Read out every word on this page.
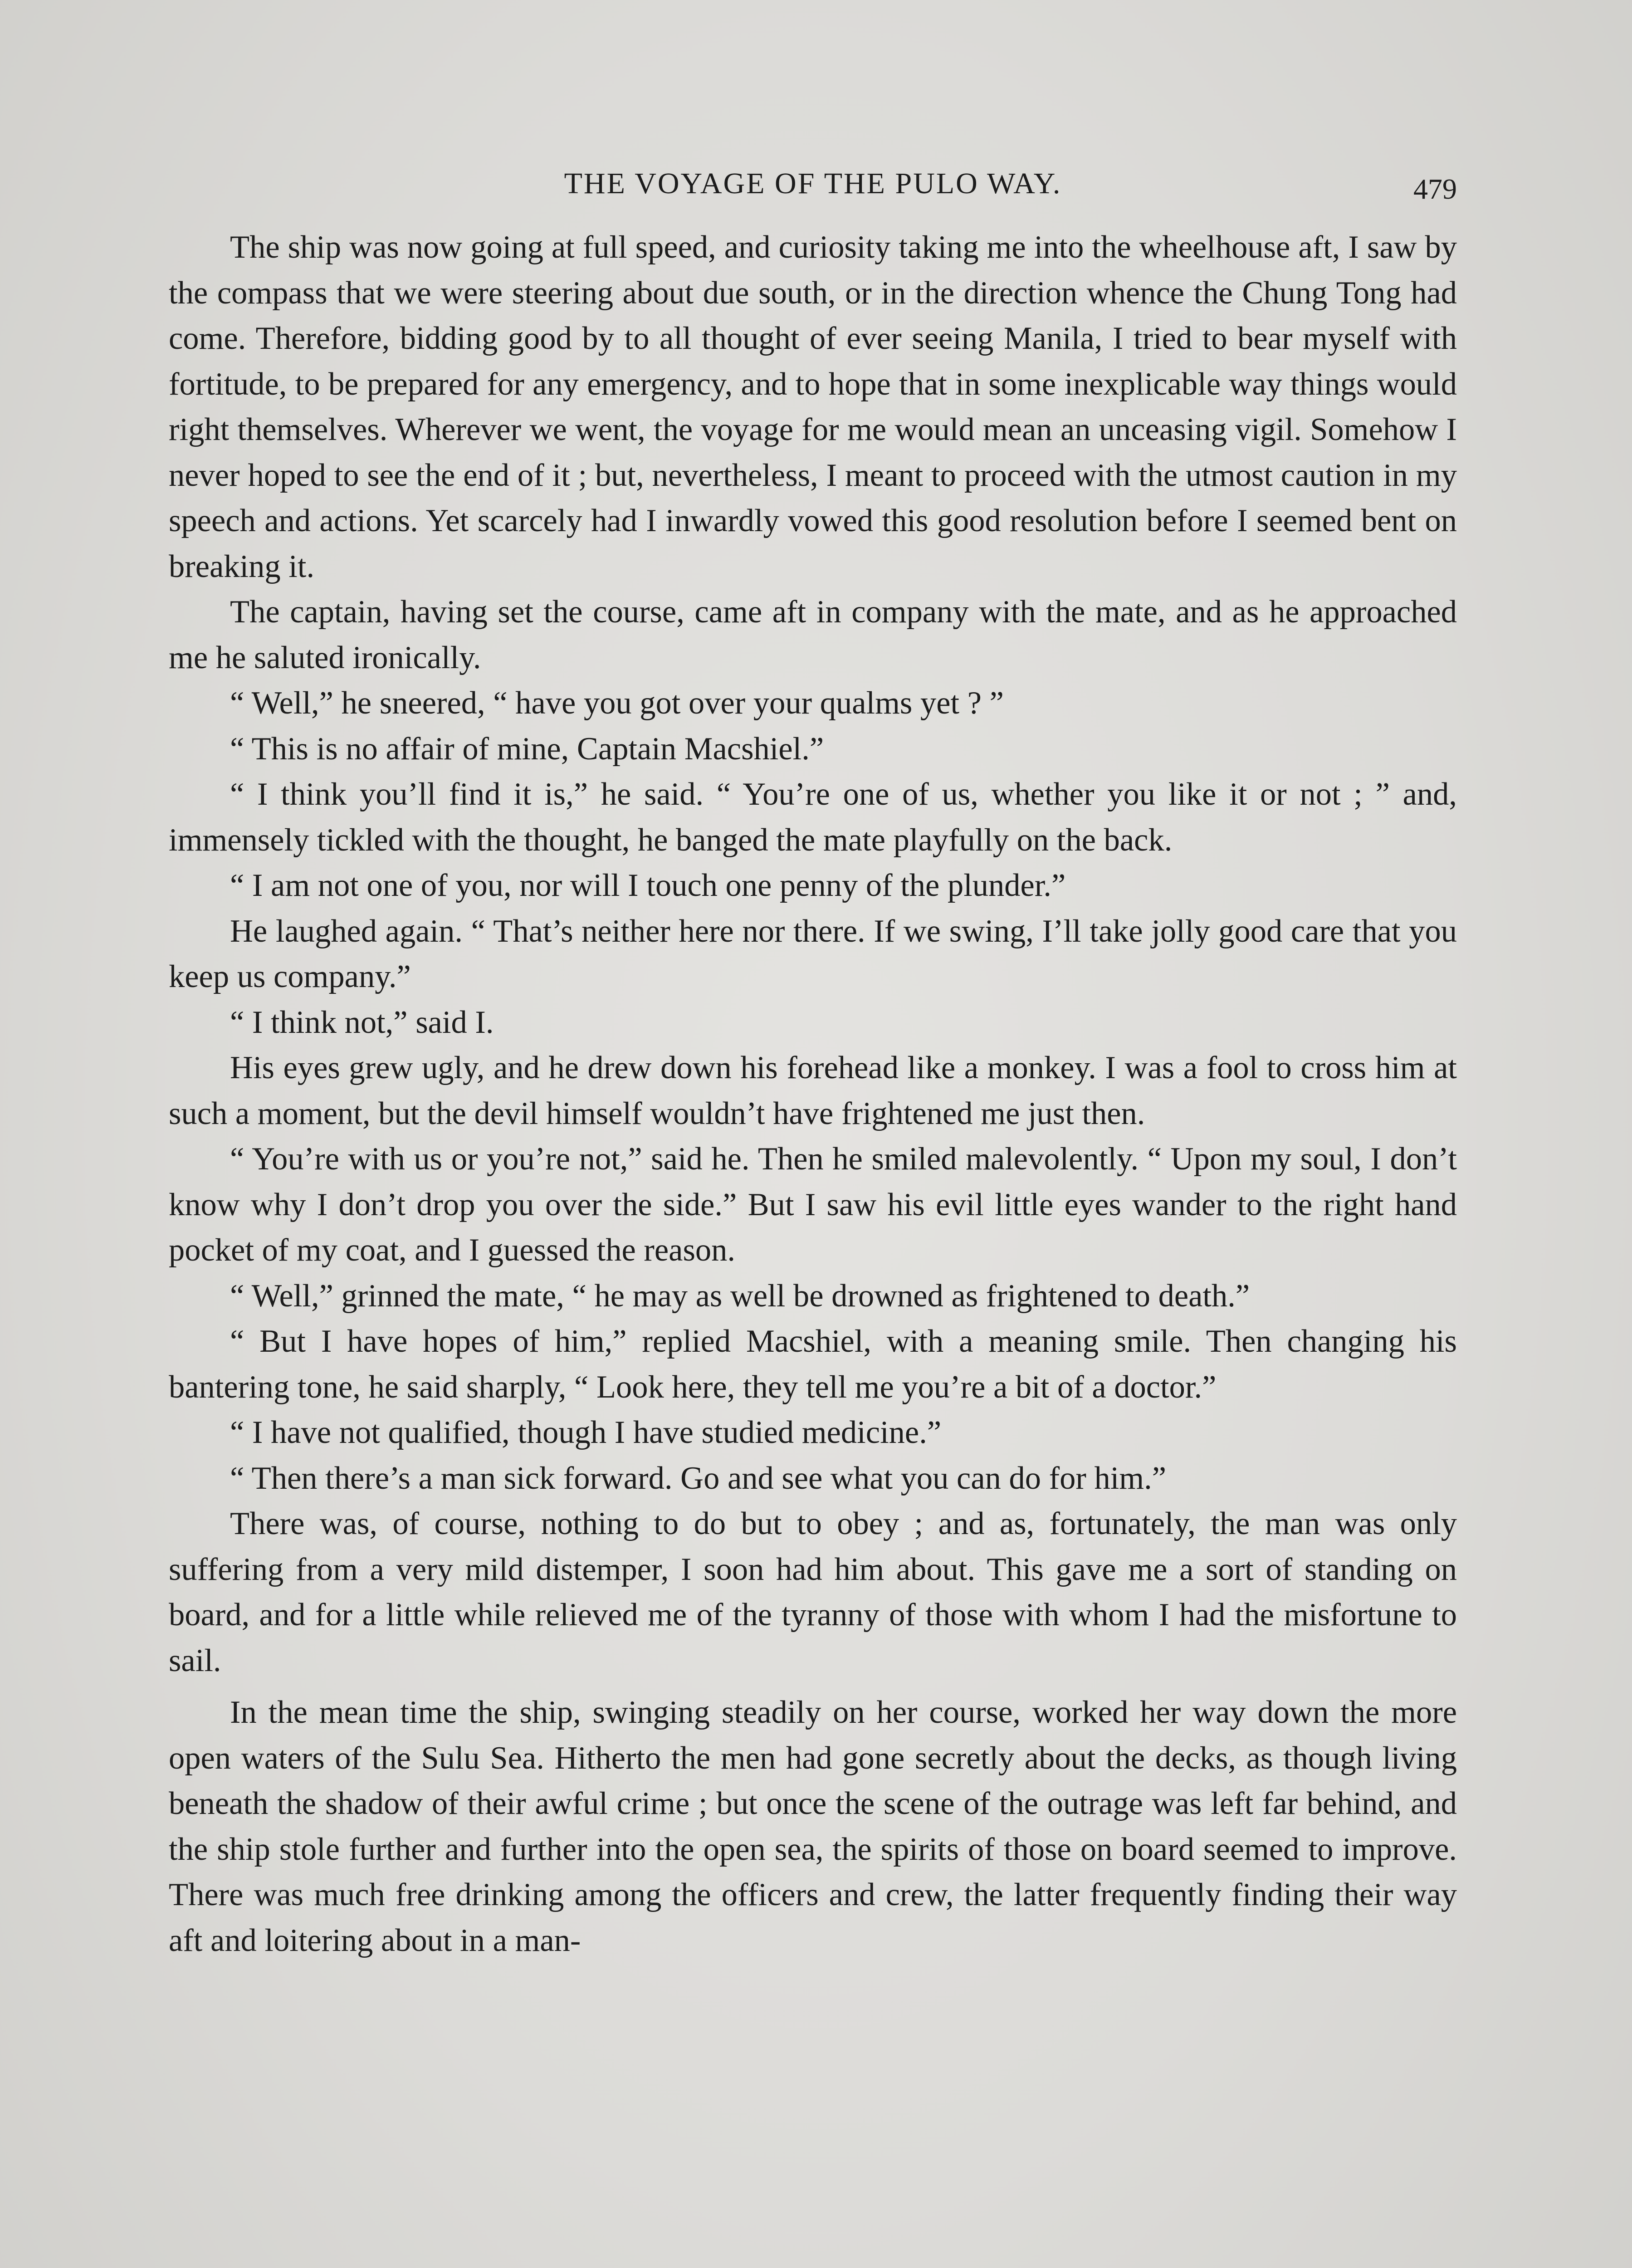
THE VOYAGE OF THE PULO WAY.	479

The ship was now going at full speed, and curiosity taking me into the wheelhouse aft, I saw by the compass that we were steering about due south, or in the direction whence the Chung Tong had come. Therefore, bidding good by to all thought of ever seeing Manila, I tried to bear myself with fortitude, to be prepared for any emergency, and to hope that in some inexplicable way things would right themselves. Wherever we went, the voyage for me would mean an unceasing vigil. Somehow I never hoped to see the end of it ; but, nevertheless, I meant to proceed with the utmost caution in my speech and actions. Yet scarcely had I inwardly vowed this good resolution before I seemed bent on breaking it.

The captain, having set the course, came aft in company with the mate, and as he approached me he saluted ironically.

“ Well,” he sneered, “ have you got over your qualms yet ? ”

“ This is no affair of mine, Captain Macshiel.”

“ I think you’ll find it is,” he said. “ You’re one of us, whether you like it or not ; ” and, immensely tickled with the thought, he banged the mate playfully on the back.

“ I am not one of you, nor will I touch one penny of the plunder.”

He laughed again. “ That’s neither here nor there. If we swing, I’ll take jolly good care that you keep us company.”

“ I think not,” said I.

His eyes grew ugly, and he drew down his forehead like a monkey. I was a fool to cross him at such a moment, but the devil himself wouldn’t have frightened me just then.

“ You’re with us or you’re not,” said he. Then he smiled malevolently. “ Upon my soul, I don’t know why I don’t drop you over the side.” But I saw his evil little eyes wander to the right hand pocket of my coat, and I guessed the reason.

“ Well,” grinned the mate, “ he may as well be drowned as frightened to death.”

“ But I have hopes of him,” replied Macshiel, with a meaning smile. Then changing his bantering tone, he said sharply, “ Look here, they tell me you’re a bit of a doctor.”

“ I have not qualified, though I have studied medicine.”

“ Then there’s a man sick forward. Go and see what you can do for him.”

There was, of course, nothing to do but to obey ; and as, fortunately, the man was only suffering from a very mild distemper, I soon had him about. This gave me a sort of standing on board, and for a little while relieved me of the tyranny of those with whom I had the misfortune to sail.

In the mean time the ship, swinging steadily on her course, worked her way down the more open waters of the Sulu Sea. Hitherto the men had gone secretly about the decks, as though living beneath the shadow of their awful crime ; but once the scene of the outrage was left far behind, and the ship stole further and further into the open sea, the spirits of those on board seemed to improve. There was much free drinking among the officers and crew, the latter frequently finding their way aft and loitering about in a man-
